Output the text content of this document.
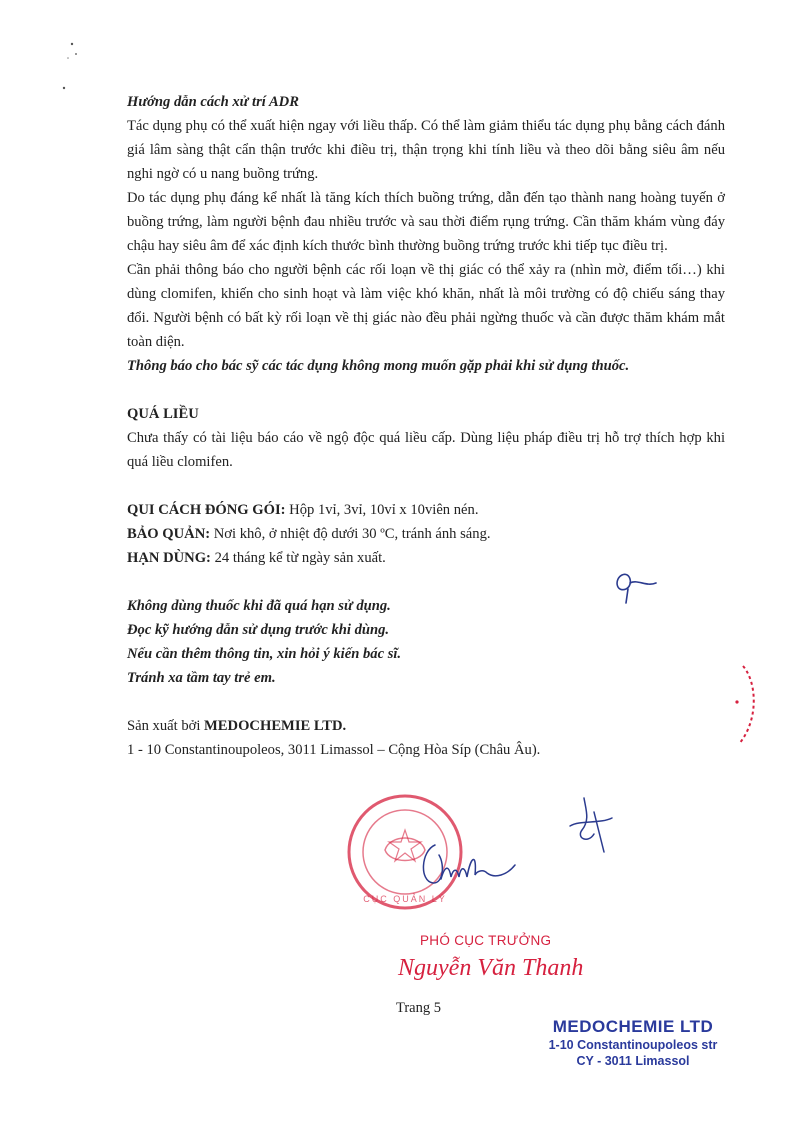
Hướng dẫn cách xử trí ADR

Tác dụng phụ có thể xuất hiện ngay với liều thấp. Có thể làm giảm thiểu tác dụng phụ bằng cách đánh giá lâm sàng thật cẩn thận trước khi điều trị, thận trọng khi tính liều và theo dõi bằng siêu âm nếu nghi ngờ có u nang buồng trứng.

Do tác dụng phụ đáng kể nhất là tăng kích thích buồng trứng, dẫn đến tạo thành nang hoàng tuyến ở buồng trứng, làm người bệnh đau nhiều trước và sau thời điểm rụng trứng. Cần thăm khám vùng đáy chậu hay siêu âm để xác định kích thước bình thường buồng trứng trước khi tiếp tục điều trị.

Cần phải thông báo cho người bệnh các rối loạn về thị giác có thể xảy ra (nhìn mờ, điểm tối…) khi dùng clomifen, khiến cho sinh hoạt và làm việc khó khăn, nhất là môi trường có độ chiếu sáng thay đổi. Người bệnh có bất kỳ rối loạn về thị giác nào đều phải ngừng thuốc và cần được thăm khám mắt toàn diện.

Thông báo cho bác sỹ các tác dụng không mong muốn gặp phải khi sử dụng thuốc.

QUÁ LIỀU

Chưa thấy có tài liệu báo cáo về ngộ độc quá liều cấp. Dùng liệu pháp điều trị hỗ trợ thích hợp khi quá liều clomifen.

QUI CÁCH ĐÓNG GÓI: Hộp 1vỉ, 3vỉ, 10vỉ x 10viên nén.

BẢO QUẢN: Nơi khô, ở nhiệt độ dưới 30 ºC, tránh ánh sáng.

HẠN DÙNG: 24 tháng kể từ ngày sản xuất.

Không dùng thuốc khi đã quá hạn sử dụng.

Đọc kỹ hướng dẫn sử dụng trước khi dùng.

Nếu cần thêm thông tin, xin hỏi ý kiến bác sĩ.

Tránh xa tầm tay trẻ em.

Sản xuất bởi MEDOCHEMIE LTD.

1 - 10 Constantinoupoleos, 3011 Limassol – Cộng Hòa Síp (Châu Âu).

CỤC QUẢN LÝ
PHÓ CỤC TRƯỞNG
Nguyễn Văn Thanh
Trang 5
MEDOCHEMIE LTD
1-10 Constantinoupoleos str
CY - 3011 Limassol
